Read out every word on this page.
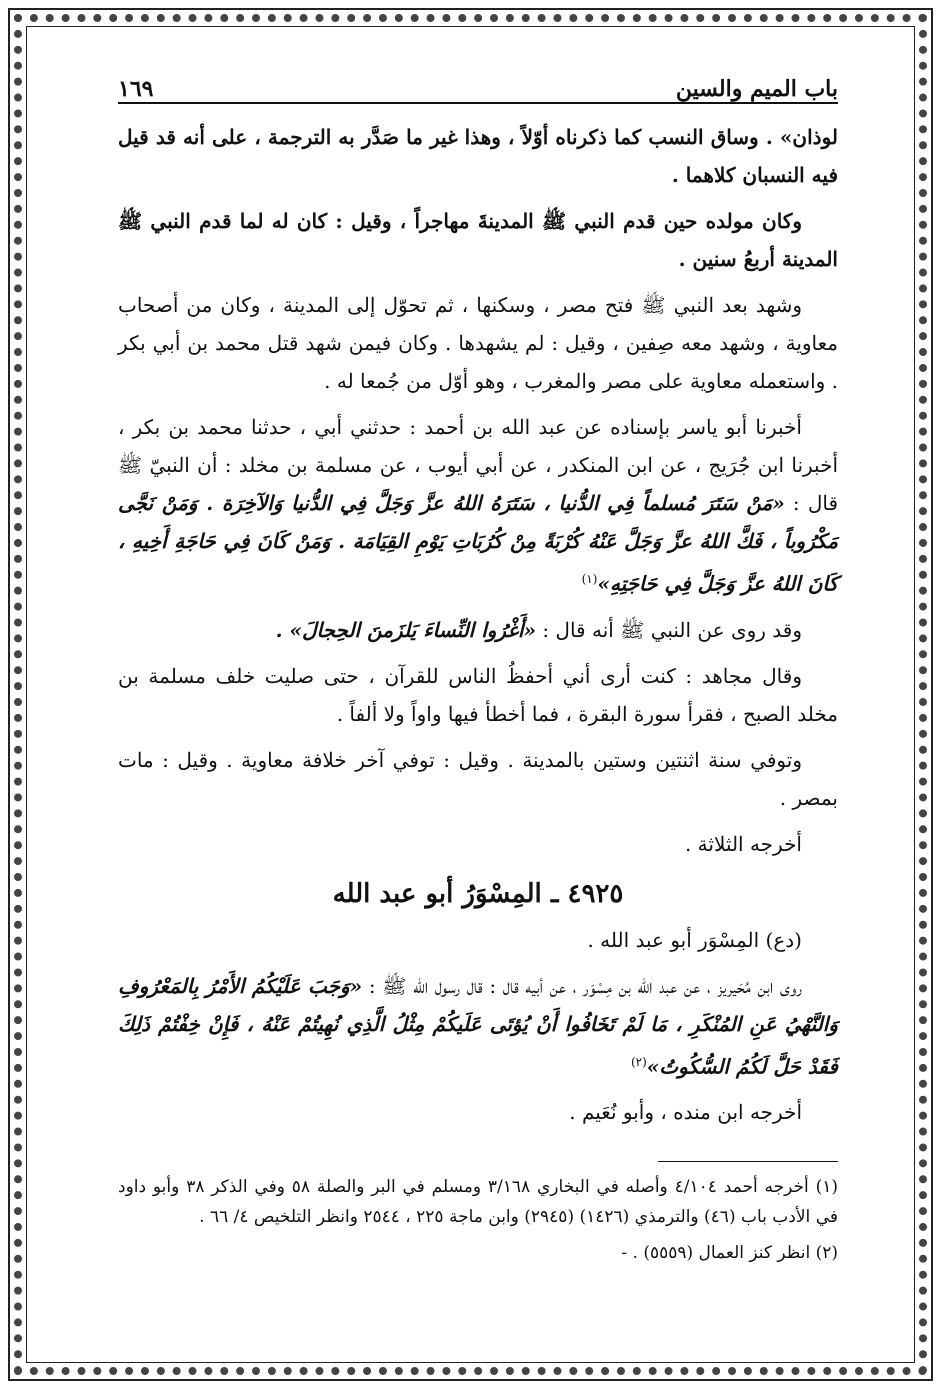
باب الميم والسين
١٦٩

لوذان» . وساق النسب كما ذكرناه أوّلاً ، وهذا غير ما صَدَّر به الترجمة ، على أنه قد قيل فيه النسبان كلاهما .

وكان مولده حين قدم النبي ﷺ المدينةَ مهاجراً ، وقيل : كان له لما قدم النبي ﷺ المدينة أربعُ سنين .

وشهد بعد النبي ﷺ فتح مصر ، وسكنها ، ثم تحوّل إلى المدينة ، وكان من أصحاب معاوية ، وشهد معه صِفين ، وقيل : لم يشهدها . وكان فيمن شهد قتل محمد بن أبي بكر . واستعمله معاوية على مصر والمغرب ، وهو أوّل من جُمعا له .

أخبرنا أبو ياسر بإسناده عن عبد الله بن أحمد : حدثني أبي ، حدثنا محمد بن بكر ، أخبرنا ابن جُرَيج ، عن ابن المنكدر ، عن أبي أيوب ، عن مسلمة بن مخلد : أن النبيّ ﷺ قال : «مَنْ سَتَرَ مُسلماً فِي الدُّنيا ، سَتَرَهُ اللهُ عزَّ وَجَلَّ فِي الدُّنيا وَالآخِرَة . وَمَنْ نَجَّى مَكْرُوباً ، فَكَّ اللهُ عزَّ وَجَلَّ عَنْهُ كُرْبَةً مِنْ كُرُبَاتِ يَوْمِ القِيَامَة . وَمَنْ كَانَ فِي حَاجَةِ أَخِيهِ ، كَانَ اللهُ عزَّ وَجَلَّ فِي حَاجَتِهِ»$^{(١)}$

وقد روى عن النبي ﷺ أنه قال : «أَغْرُوا النِّساءَ يَلزَمنَ الحِجالَ» .

وقال مجاهد : كنت أرى أني أحفظُ الناس للقرآن ، حتى صليت خلف مسلمة بن مخلد الصبح ، فقرأ سورة البقرة ، فما أخطأ فيها واواً ولا ألفاً .

وتوفي سنة اثنتين وستين بالمدينة . وقيل : توفي آخر خلافة معاوية . وقيل : مات بمصر .

أخرجه الثلاثة .

٤٩٢٥ ـ المِسْوَرُ أبو عبد الله

(دع) المِسْوَر أبو عبد الله .

روى ابن مُحَيريز ، عن عبد الله بن مِسْوَر ، عن أبيه قال : قال رسول الله ﷺ : «وَجَبَ عَلَيْكُمُ الأَمْرُ بِالمَعْرُوفِ وَالنَّهْيُ عَنِ المُنْكَرِ ، مَا لَمْ تَخَافُوا أَنْ يُؤتَى عَلَيكُمْ مِثْلُ الَّذِي نُهِيتُمْ عَنْهُ ، فَإِنْ خِفْتُمْ ذَلِكَ فَقَدْ حَلَّ لَكُمُ السُّكُوتُ»$^{(٢)}$

أخرجه ابن منده ، وأبو نُعَيم .

(١) أخرجه أحمد ٤/١٠٤ وأصله في البخاري ٣/١٦٨ ومسلم في البر والصلة ٥٨ وفي الذكر ٣٨ وأبو داود في الأدب باب (٤٦) والترمذي (١٤٢٦) (٢٩٤٥) وابن ماجة ٢٢٥ ، ٢٥٤٤ وانظر التلخيص ٤/ ٦٦ .

(٢) انظر كنز العمال (٥٥٥٩) . -
